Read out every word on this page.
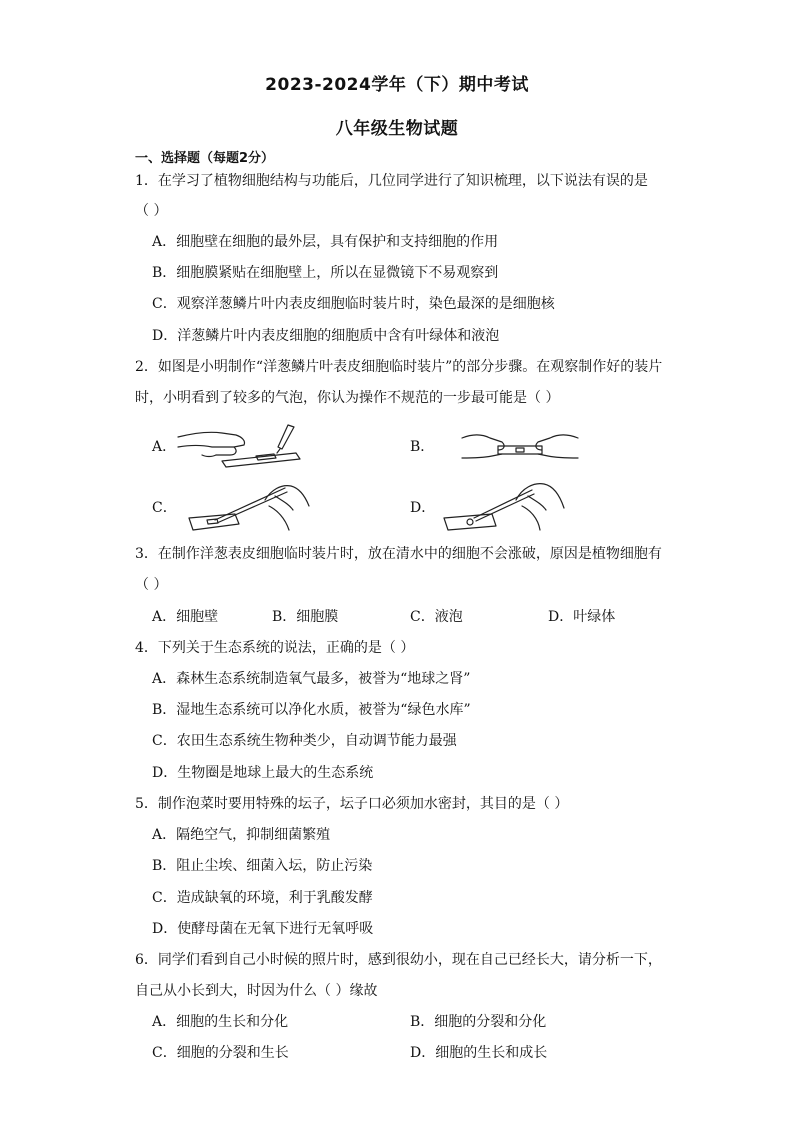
2023-2024学年（下）期中考试
八年级生物试题
一、选择题（每题2分）
1．在学习了植物细胞结构与功能后，几位同学进行了知识梳理，以下说法有误的是
（ ）
A．细胞壁在细胞的最外层，具有保护和支持细胞的作用
B．细胞膜紧贴在细胞壁上，所以在显微镜下不易观察到
C．观察洋葱鳞片叶内表皮细胞临时装片时，染色最深的是细胞核
D．洋葱鳞片叶内表皮细胞的细胞质中含有叶绿体和液泡
2．如图是小明制作“洋葱鳞片叶表皮细胞临时装片”的部分步骤。在观察制作好的装片
时，小明看到了较多的气泡，你认为操作不规范的一步最可能是（ ）
A．	B．
C．	D．
3．在制作洋葱表皮细胞临时装片时，放在清水中的细胞不会涨破，原因是植物细胞有
（ ）
A．细胞壁	B．细胞膜	C．液泡	D．叶绿体
4．下列关于生态系统的说法，正确的是（ ）
A．森林生态系统制造氧气最多，被誉为“地球之肾”
B．湿地生态系统可以净化水质，被誉为“绿色水库”
C．农田生态系统生物种类少，自动调节能力最强
D．生物圈是地球上最大的生态系统
5．制作泡菜时要用特殊的坛子，坛子口必须加水密封，其目的是（ ）
A．隔绝空气，抑制细菌繁殖
B．阻止尘埃、细菌入坛，防止污染
C．造成缺氧的环境，利于乳酸发酵
D．使酵母菌在无氧下进行无氧呼吸
6．同学们看到自己小时候的照片时，感到很幼小，现在自己已经长大，请分析一下，
自己从小长到大，时因为什么（ ）缘故
A．细胞的生长和分化	B．细胞的分裂和分化
C．细胞的分裂和生长	D．细胞的生长和成长
